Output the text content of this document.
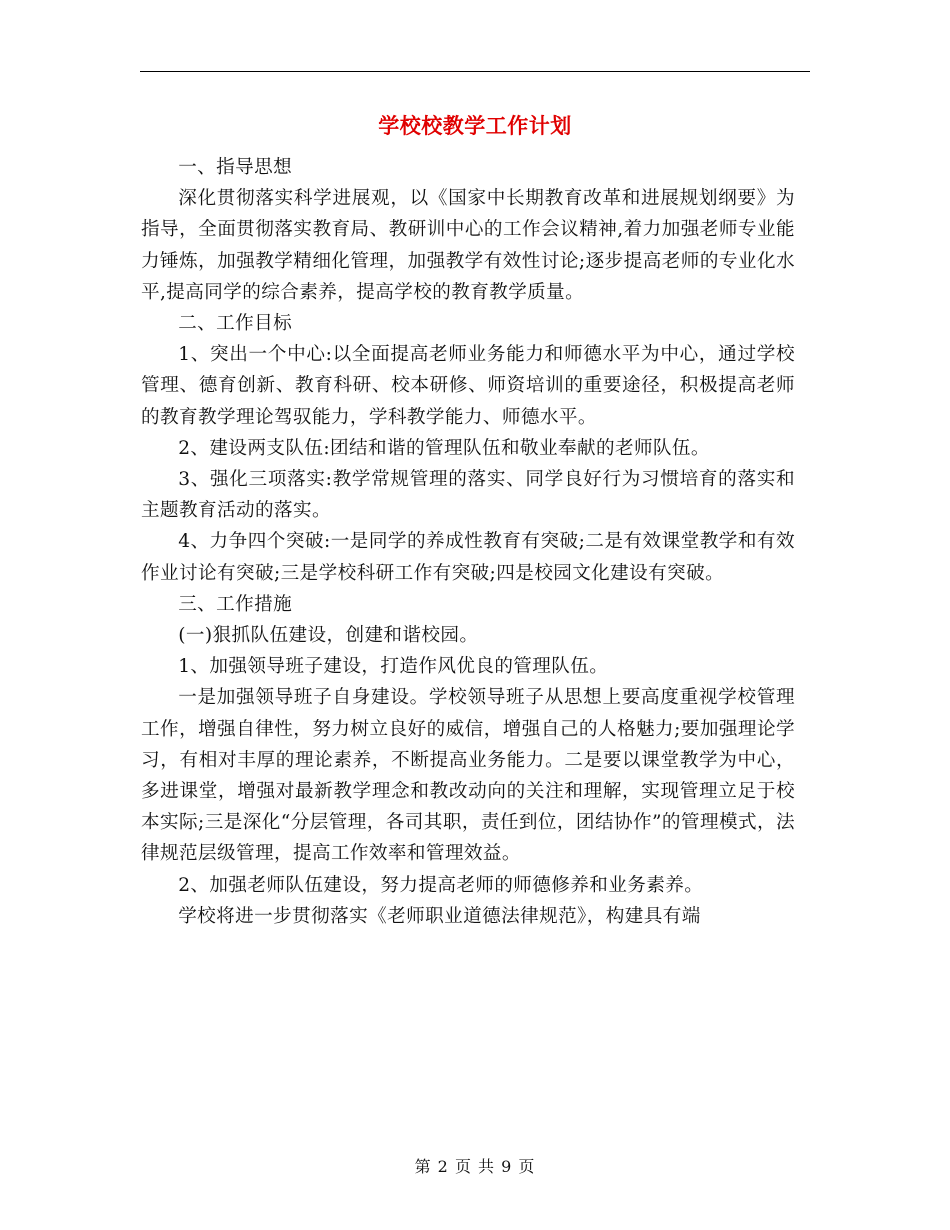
学校校教学工作计划

一、指导思想

深化贯彻落实科学进展观，以《国家中长期教育改革和进展规划纲要》为指导，全面贯彻落实教育局、教研训中心的工作会议精神,着力加强老师专业能力锤炼，加强教学精细化管理，加强教学有效性讨论;逐步提高老师的专业化水平,提高同学的综合素养，提高学校的教育教学质量。

二、工作目标

1、突出一个中心:以全面提高老师业务能力和师德水平为中心，通过学校管理、德育创新、教育科研、校本研修、师资培训的重要途径，积极提高老师的教育教学理论驾驭能力，学科教学能力、师德水平。

2、建设两支队伍:团结和谐的管理队伍和敬业奉献的老师队伍。

3、强化三项落实:教学常规管理的落实、同学良好行为习惯培育的落实和主题教育活动的落实。

4、力争四个突破:一是同学的养成性教育有突破;二是有效课堂教学和有效作业讨论有突破;三是学校科研工作有突破;四是校园文化建设有突破。

三、工作措施

(一)狠抓队伍建设，创建和谐校园。

1、加强领导班子建设，打造作风优良的管理队伍。

一是加强领导班子自身建设。学校领导班子从思想上要高度重视学校管理工作，增强自律性，努力树立良好的威信，增强自己的人格魅力;要加强理论学习，有相对丰厚的理论素养，不断提高业务能力。二是要以课堂教学为中心，多进课堂，增强对最新教学理念和教改动向的关注和理解，实现管理立足于校本实际;三是深化“分层管理，各司其职，责任到位，团结协作”的管理模式，法律规范层级管理，提高工作效率和管理效益。

2、加强老师队伍建设，努力提高老师的师德修养和业务素养。

学校将进一步贯彻落实《老师职业道德法律规范》，构建具有端

第 2 页 共 9 页
